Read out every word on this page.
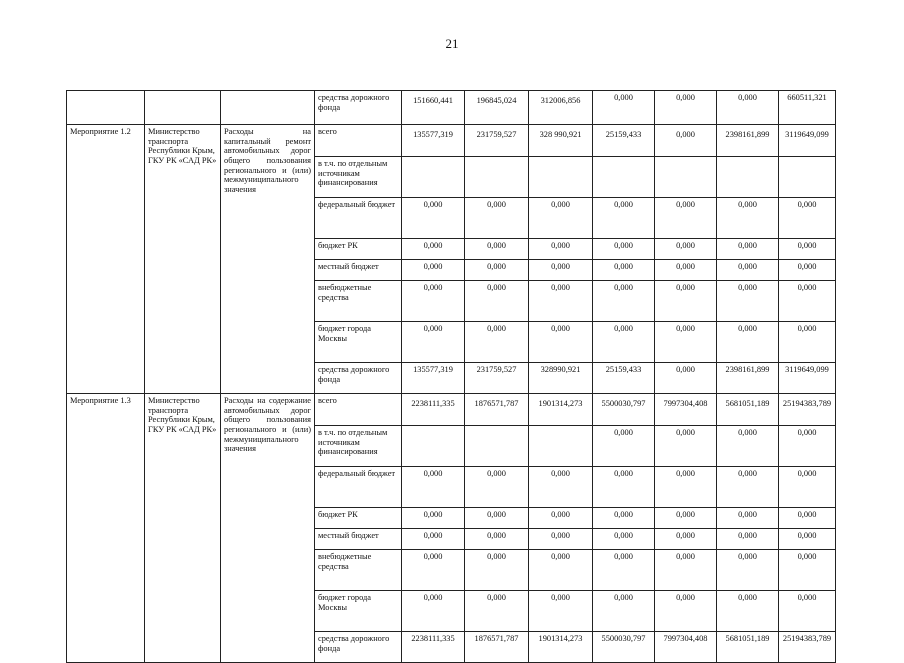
21
			средства дорожного фонда	151660,441	196845,024	312006,856	0,000	0,000	0,000	660511,321
Мероприятие 1.2	Министерство транспорта Республики Крым, ГКУ РК «САД РК»	Расходы на капитальный ремонт автомобильных дорог общего пользования регионального и (или) межмуниципального значения	всего	135577,319	231759,527	328 990,921	25159,433	0,000	2398161,899	3119649,099
			в т.ч. по отдельным источникам финансирования							
			федеральный бюджет	0,000	0,000	0,000	0,000	0,000	0,000	0,000
			бюджет РК	0,000	0,000	0,000	0,000	0,000	0,000	0,000
			местный бюджет	0,000	0,000	0,000	0,000	0,000	0,000	0,000
			внебюджетные средства	0,000	0,000	0,000	0,000	0,000	0,000	0,000
			бюджет города Москвы	0,000	0,000	0,000	0,000	0,000	0,000	0,000
			средства дорожного фонда	135577,319	231759,527	328990,921	25159,433	0,000	2398161,899	3119649,099
Мероприятие 1.3	Министерство транспорта Республики Крым, ГКУ РК «САД РК»	Расходы на содержание автомобильных дорог общего пользования регионального и (или) межмуниципального значения	всего	2238111,335	1876571,787	1901314,273	5500030,797	7997304,408	5681051,189	25194383,789
			в т.ч. по отдельным источникам финансирования				0,000	0,000	0,000	0,000
			федеральный бюджет	0,000	0,000	0,000	0,000	0,000	0,000	0,000
			бюджет РК	0,000	0,000	0,000	0,000	0,000	0,000	0,000
			местный бюджет	0,000	0,000	0,000	0,000	0,000	0,000	0,000
			внебюджетные средства	0,000	0,000	0,000	0,000	0,000	0,000	0,000
			бюджет города Москвы	0,000	0,000	0,000	0,000	0,000	0,000	0,000
			средства дорожного фонда	2238111,335	1876571,787	1901314,273	5500030,797	7997304,408	5681051,189	25194383,789
